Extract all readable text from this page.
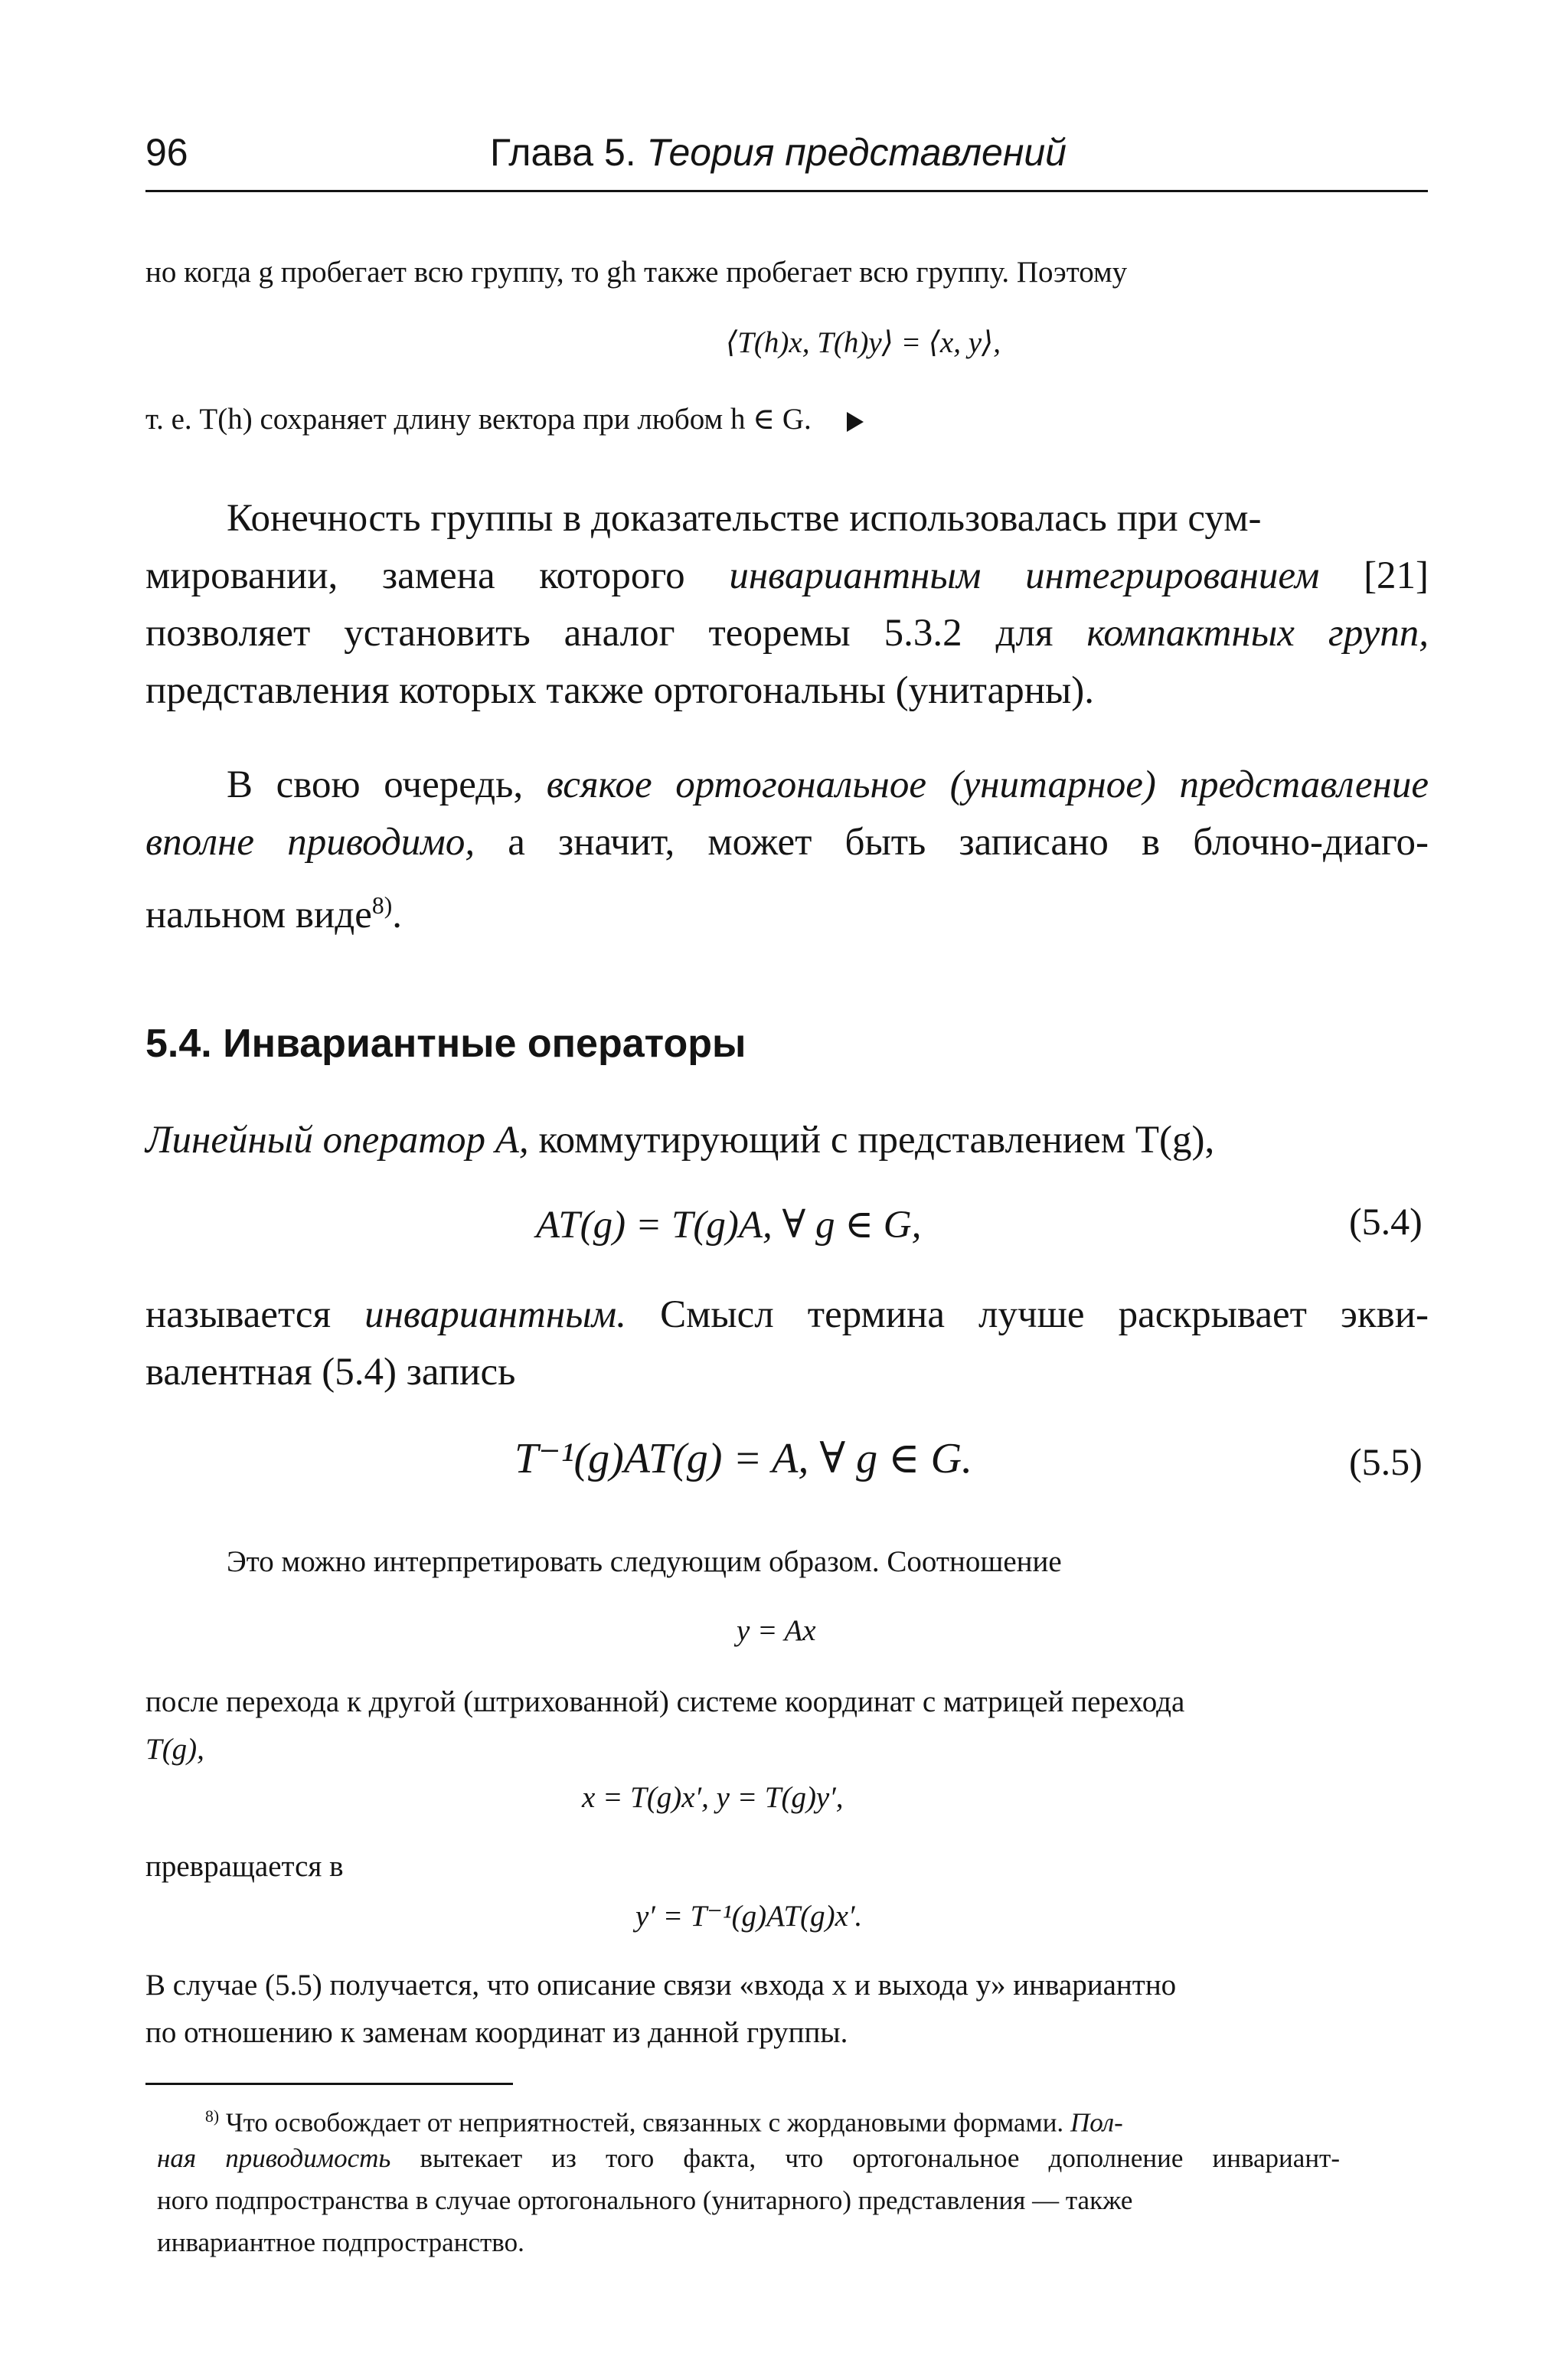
96	Глава 5. Теория представлений
но когда g пробегает всю группу, то gh также пробегает всю группу. Поэтому
⟨T(h)x, T(h)y⟩ = ⟨x, y⟩,
т. е. T(h) сохраняет длину вектора при любом h ∈ G.
Конечность группы в доказательстве использовалась при сум-
мировании, замена которого инвариантным интегрированием [21]
позволяет установить аналог теоремы 5.3.2 для компактных групп,
представления которых также ортогональны (унитарны).
В свою очередь, всякое ортогональное (унитарное) представление
вполне приводимо, а значит, может быть записано в блочно-диаго-
нальном виде$^{8)}$.
5.4. Инвариантные операторы
Линейный оператор A, коммутирующий с представлением T(g),
AT(g) = T(g)A, ∀ g ∈ G,	(5.4)
называется инвариантным. Смысл термина лучше раскрывает экви-
валентная (5.4) запись
T⁻¹(g)AT(g) = A, ∀ g ∈ G.	(5.5)
Это можно интерпретировать следующим образом. Соотношение
y = Ax
после перехода к другой (штрихованной) системе координат с матрицей перехода
T(g),
x = T(g)x′, y = T(g)y′,
превращается в
y′ = T⁻¹(g)AT(g)x′.
В случае (5.5) получается, что описание связи «входа x и выхода y» инвариантно
по отношению к заменам координат из данной группы.
$^{8)}$ Что освобождает от неприятностей, связанных с жордановыми формами. Пол-
ная приводимость вытекает из того факта, что ортогональное дополнение инвариант-
ного подпространства в случае ортогонального (унитарного) представления — также
инвариантное подпространство.
